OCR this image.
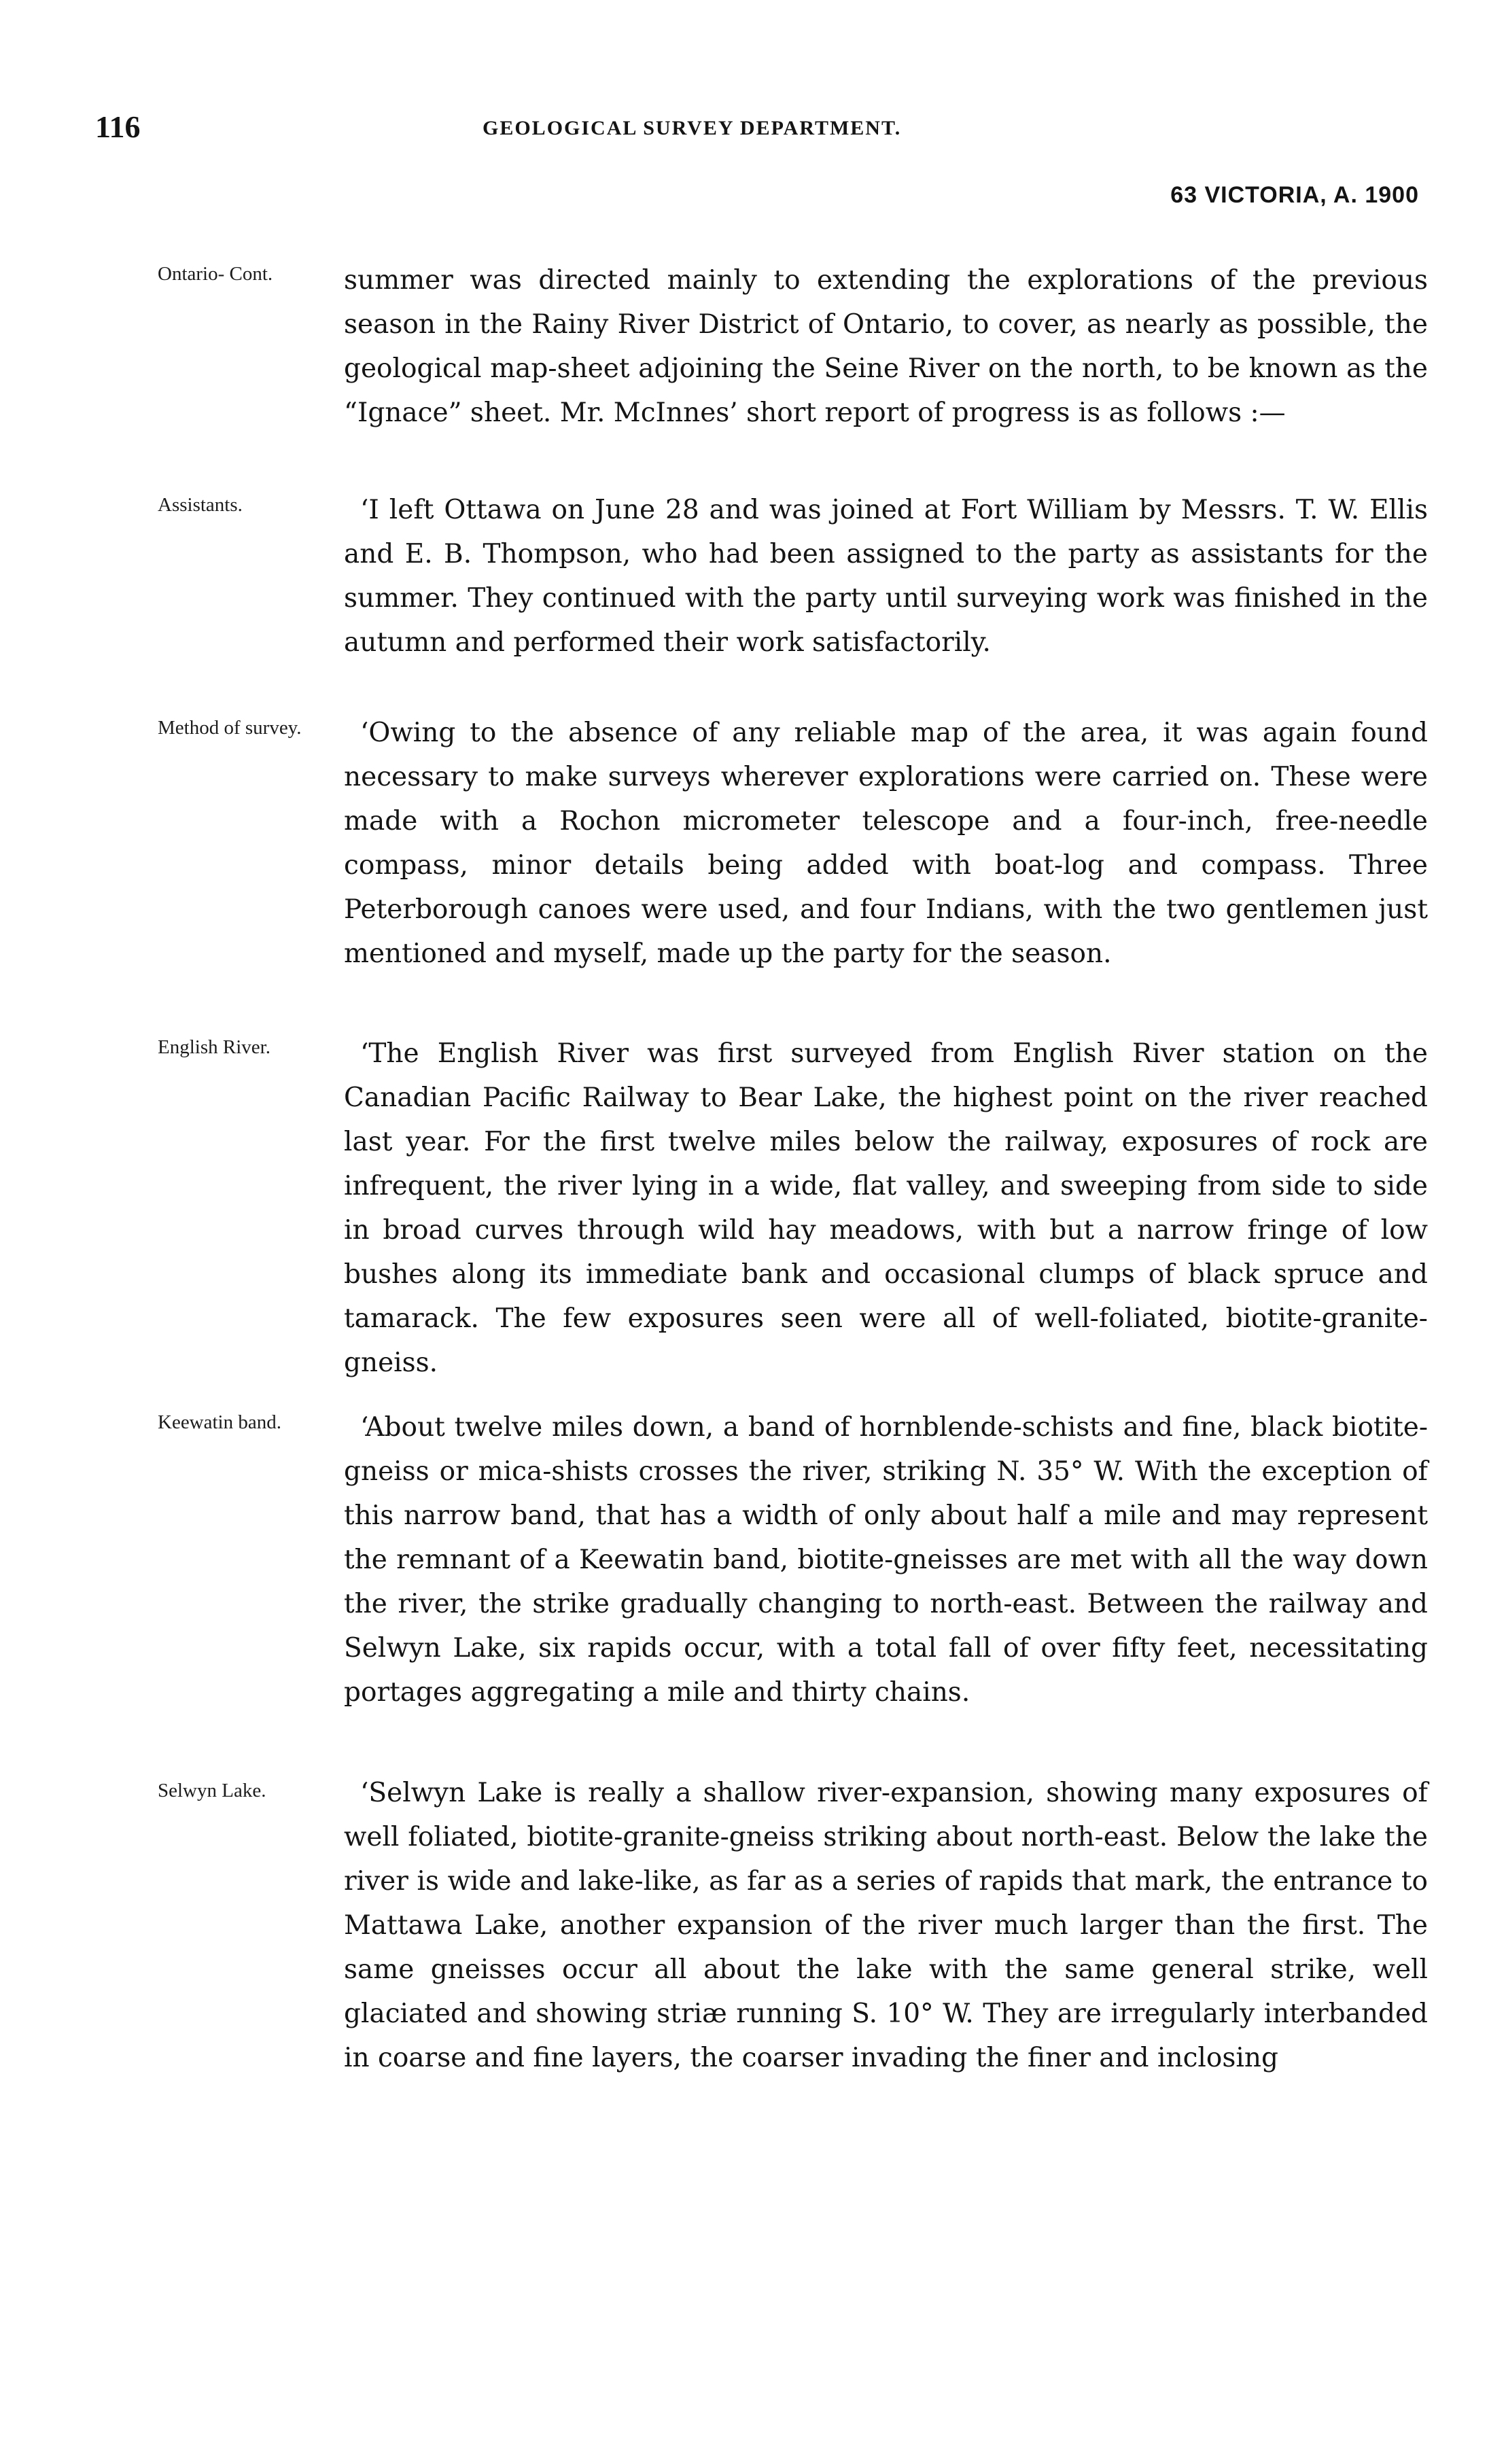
116	GEOLOGICAL SURVEY DEPARTMENT.
63 VICTORIA, A. 1900
Ontario- Cont.
Assistants.
Method of survey.
English River.
Keewatin band.
Selwyn Lake.

summer was directed mainly to extending the explorations of the previous season in the Rainy River District of Ontario, to cover, as nearly as possible, the geological map-sheet adjoining the Seine River on the north, to be known as the “Ignace” sheet. Mr. McInnes’ short report of progress is as follows :—

‘I left Ottawa on June 28 and was joined at Fort William by Messrs. T. W. Ellis and E. B. Thompson, who had been assigned to the party as assistants for the summer. They continued with the party until surveying work was finished in the autumn and performed their work satisfactorily.

‘Owing to the absence of any reliable map of the area, it was again found necessary to make surveys wherever explorations were carried on. These were made with a Rochon micrometer telescope and a four-inch, free-needle compass, minor details being added with boat-log and compass. Three Peterborough canoes were used, and four Indians, with the two gentlemen just mentioned and myself, made up the party for the season.

‘The English River was first surveyed from English River station on the Canadian Pacific Railway to Bear Lake, the highest point on the river reached last year. For the first twelve miles below the railway, exposures of rock are infrequent, the river lying in a wide, flat valley, and sweeping from side to side in broad curves through wild hay meadows, with but a narrow fringe of low bushes along its immediate bank and occasional clumps of black spruce and tamarack. The few exposures seen were all of well-foliated, biotite-granite-gneiss.

‘About twelve miles down, a band of hornblende-schists and fine, black biotite-gneiss or mica-shists crosses the river, striking N. 35° W. With the exception of this narrow band, that has a width of only about half a mile and may represent the remnant of a Keewatin band, biotite-gneisses are met with all the way down the river, the strike gradually changing to north-east. Between the railway and Selwyn Lake, six rapids occur, with a total fall of over fifty feet, necessitating portages aggregating a mile and thirty chains.

‘Selwyn Lake is really a shallow river-expansion, showing many exposures of well foliated, biotite-granite-gneiss striking about north-east. Below the lake the river is wide and lake-like, as far as a series of rapids that mark, the entrance to Mattawa Lake, another expansion of the river much larger than the first. The same gneisses occur all about the lake with the same general strike, well glaciated and showing striæ running S. 10° W. They are irregularly interbanded in coarse and fine layers, the coarser invading the finer and inclosing
